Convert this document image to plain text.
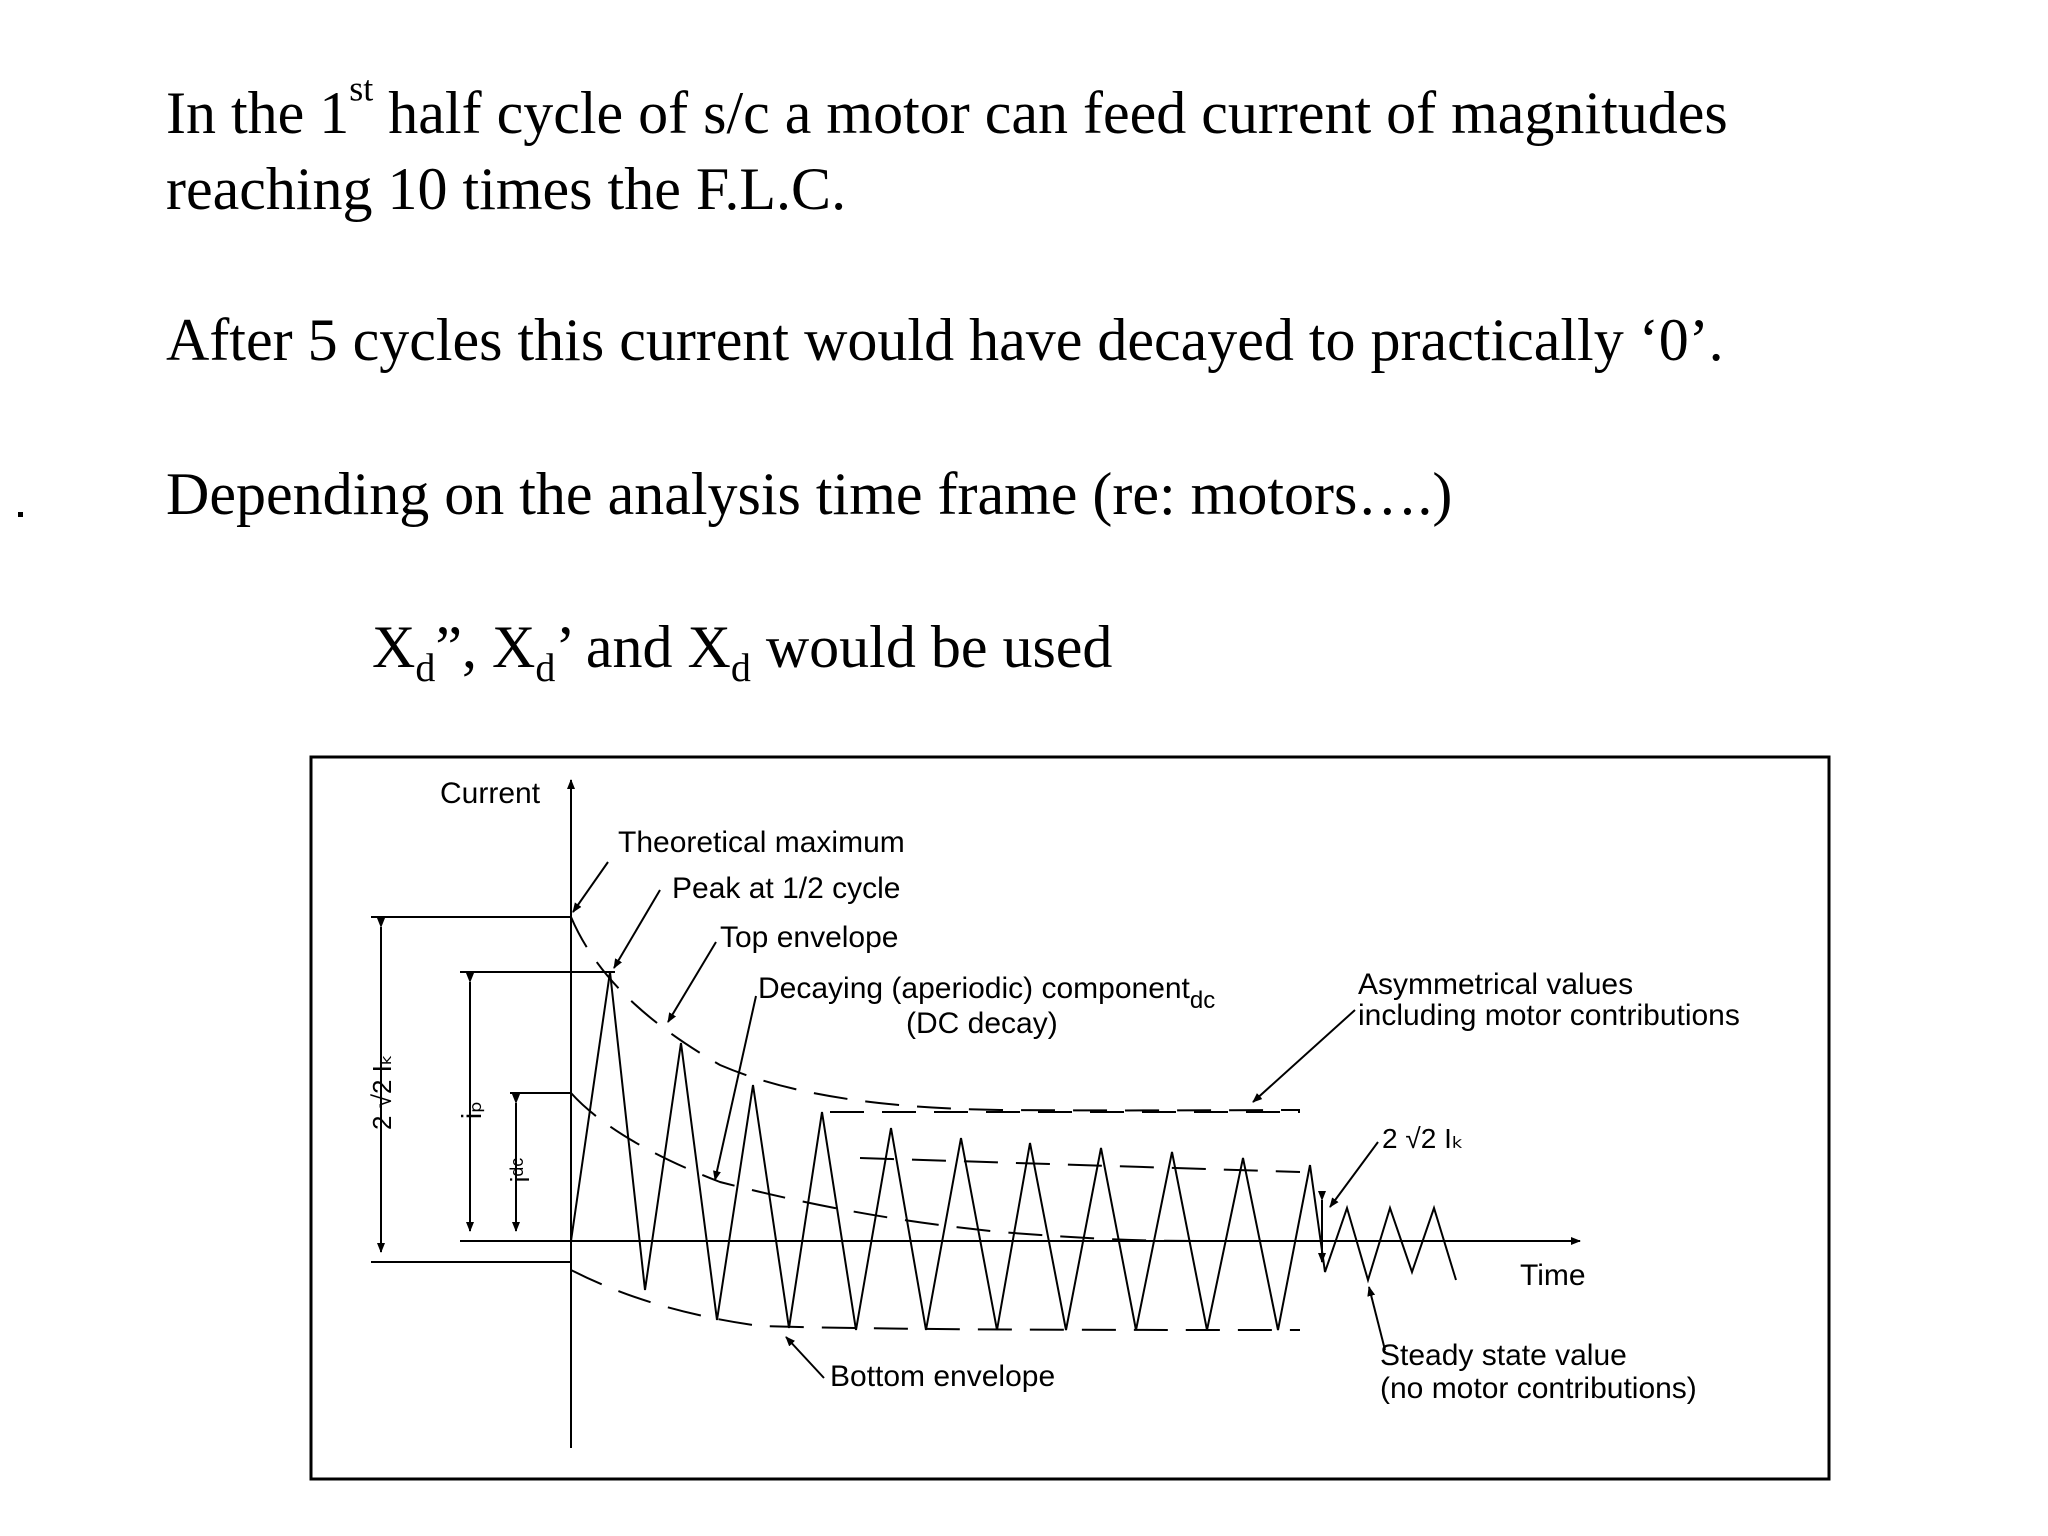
In the 1st half cycle of s/c a motor can feed current of magnitudes
reaching 10 times the F.L.C.
After 5 cycles this current would have decayed to practically ‘0’.
Depending on the analysis time frame (re: motors….)
$X_d$”, $X_d$’ and $X_d$ would be used
Current
Time
2 √2 Iₖ iₚ
iᵈᶜ
Theoretical maximum
Peak at 1/2 cycle
Top envelope
Decaying (aperiodic) component$_{dc}$
(DC decay)
Asymmetrical values
including motor contributions
2 √2 Iₖ
Steady state value
(no motor contributions)
Bottom envelope
